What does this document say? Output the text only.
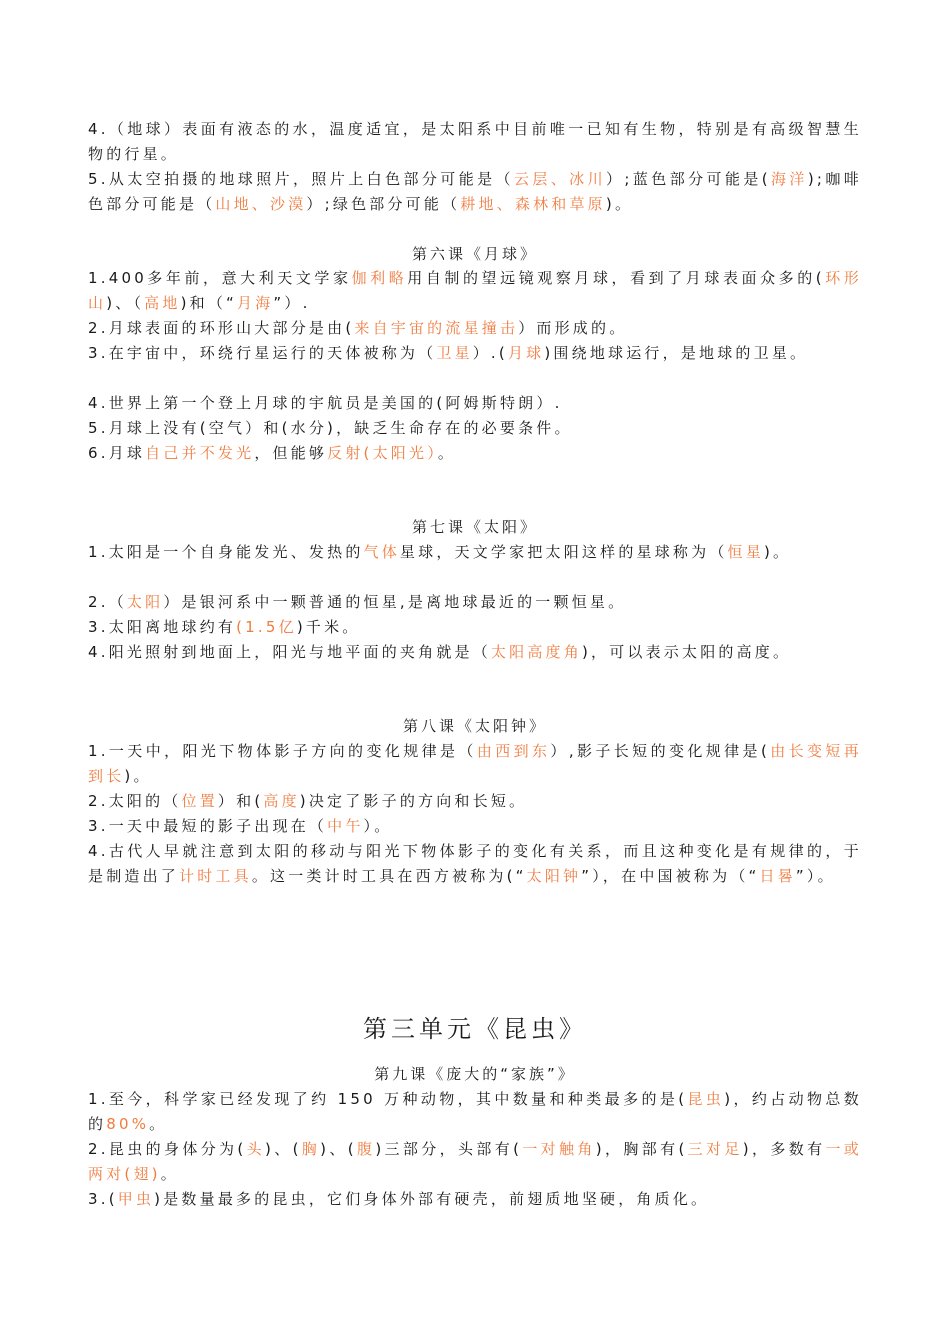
4.（地球）表面有液态的水，温度适宜，是太阳系中目前唯一已知有生物，特别是有高级智慧生物的行星。
5.从太空拍摄的地球照片，照片上白色部分可能是（云层、冰川）;蓝色部分可能是(海洋);咖啡色部分可能是（山地、沙漠）;绿色部分可能（耕地、森林和草原)。
第六课《月球》
1.400多年前，意大利天文学家伽利略用自制的望远镜观察月球，看到了月球表面众多的(环形山)、（高地)和（“月海”）.
2.月球表面的环形山大部分是由(来自宇宙的流星撞击）而形成的。
3.在宇宙中，环绕行星运行的天体被称为（卫星）.(月球)围绕地球运行，是地球的卫星。
4.世界上第一个登上月球的宇航员是美国的(阿姆斯特朗）.
5.月球上没有(空气）和(水分)，缺乏生命存在的必要条件。
6.月球自己并不发光，但能够反射(太阳光）。
第七课《太阳》
1.太阳是一个自身能发光、发热的气体星球，天文学家把太阳这样的星球称为（恒星)。
2.（太阳）是银河系中一颗普通的恒星,是离地球最近的一颗恒星。
3.太阳离地球约有(1.5亿)千米。
4.阳光照射到地面上，阳光与地平面的夹角就是（太阳高度角)，可以表示太阳的高度。
第八课《太阳钟》
1.一天中，阳光下物体影子方向的变化规律是（由西到东）,影子长短的变化规律是(由长变短再到长)。
2.太阳的（位置）和(高度)决定了影子的方向和长短。
3.一天中最短的影子出现在（中午）。
4.古代人早就注意到太阳的移动与阳光下物体影子的变化有关系，而且这种变化是有规律的，于是制造出了计时工具。这一类计时工具在西方被称为(“太阳钟”），在中国被称为（“日晷”）。
第三单元《昆虫》
第九课《庞大的“家族”》
1.至今，科学家已经发现了约 150 万种动物，其中数量和种类最多的是(昆虫)，约占动物总数的80%。
2.昆虫的身体分为(头)、(胸)、(腹)三部分，头部有(一对触角)，胸部有(三对足)，多数有一或两对(翅)。
3.(甲虫)是数量最多的昆虫，它们身体外部有硬壳，前翅质地坚硬，角质化。
